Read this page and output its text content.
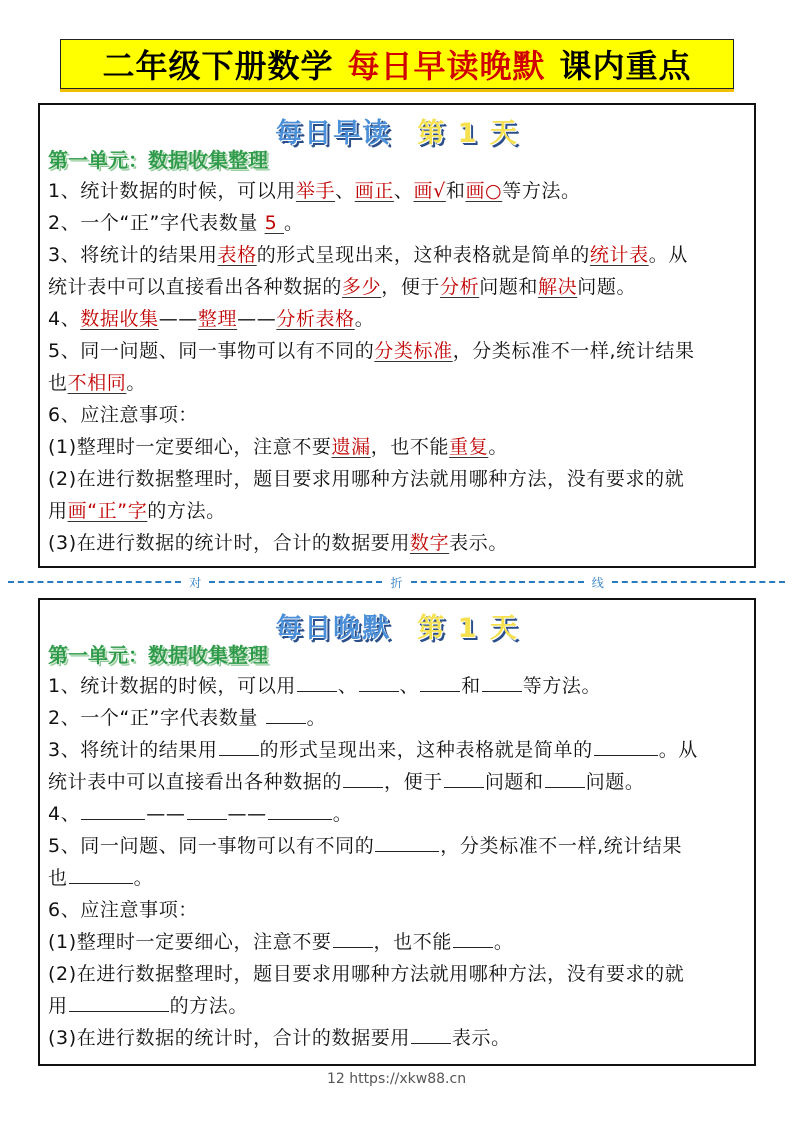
二年级下册数学 每日早读晚默 课内重点
每日早读 第 1 天
第一单元：数据收集整理
1、统计数据的时候，可以用举手、画正、画√和画○等方法。
2、一个“正”字代表数量 5 。
3、将统计的结果用表格的形式呈现出来，这种表格就是简单的统计表。从
统计表中可以直接看出各种数据的多少，便于分析问题和解决问题。
4、数据收集——整理——分析表格。
5、同一问题、同一事物可以有不同的分类标准，分类标准不一样,统计结果
也不相同。
6、应注意事项：
(1)整理时一定要细心，注意不要遗漏，也不能重复。
(2)在进行数据整理时，题目要求用哪种方法就用哪种方法，没有要求的就
用画“正”字的方法。
(3)在进行数据的统计时，合计的数据要用数字表示。
对	折	线
每日晚默 第 1 天
第一单元：数据收集整理
1、统计数据的时候，可以用 、 、 和 等方法。
2、一个“正”字代表数量 。
3、将统计的结果用 的形式呈现出来，这种表格就是简单的	。从
统计表中可以直接看出各种数据的 ，便于 问题和 问题。
4、	—— ——	。
5、同一问题、同一事物可以有不同的	，分类标准不一样,统计结果
也	。
6、应注意事项：
(1)整理时一定要细心，注意不要 ，也不能 。
(2)在进行数据整理时，题目要求用哪种方法就用哪种方法，没有要求的就
用	的方法。
(3)在进行数据的统计时，合计的数据要用 表示。
12 https://xkw88.cn
